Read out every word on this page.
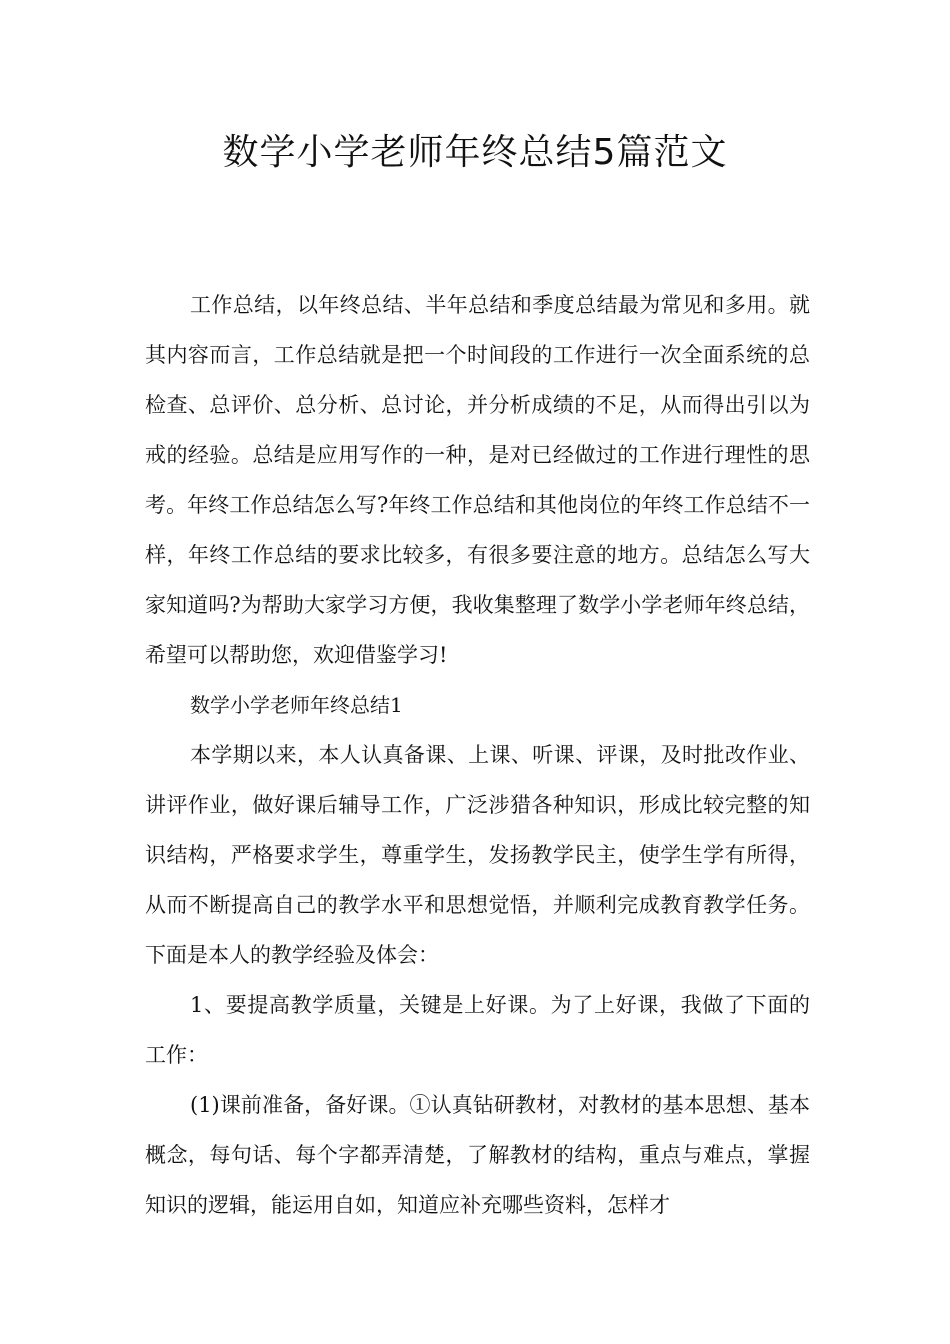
数学小学老师年终总结5篇范文

工作总结，以年终总结、半年总结和季度总结最为常见和多用。就其内容而言，工作总结就是把一个时间段的工作进行一次全面系统的总检查、总评价、总分析、总讨论，并分析成绩的不足，从而得出引以为戒的经验。总结是应用写作的一种，是对已经做过的工作进行理性的思考。年终工作总结怎么写?年终工作总结和其他岗位的年终工作总结不一样，年终工作总结的要求比较多，有很多要注意的地方。总结怎么写大家知道吗?为帮助大家学习方便，我收集整理了数学小学老师年终总结，希望可以帮助您，欢迎借鉴学习!

数学小学老师年终总结1

本学期以来，本人认真备课、上课、听课、评课，及时批改作业、讲评作业，做好课后辅导工作，广泛涉猎各种知识，形成比较完整的知识结构，严格要求学生，尊重学生，发扬教学民主，使学生学有所得，从而不断提高自己的教学水平和思想觉悟，并顺利完成教育教学任务。下面是本人的教学经验及体会：

1、要提高教学质量，关键是上好课。为了上好课，我做了下面的工作：

(1)课前准备，备好课。①认真钻研教材，对教材的基本思想、基本概念，每句话、每个字都弄清楚，了解教材的结构，重点与难点，掌握知识的逻辑，能运用自如，知道应补充哪些资料，怎样才
